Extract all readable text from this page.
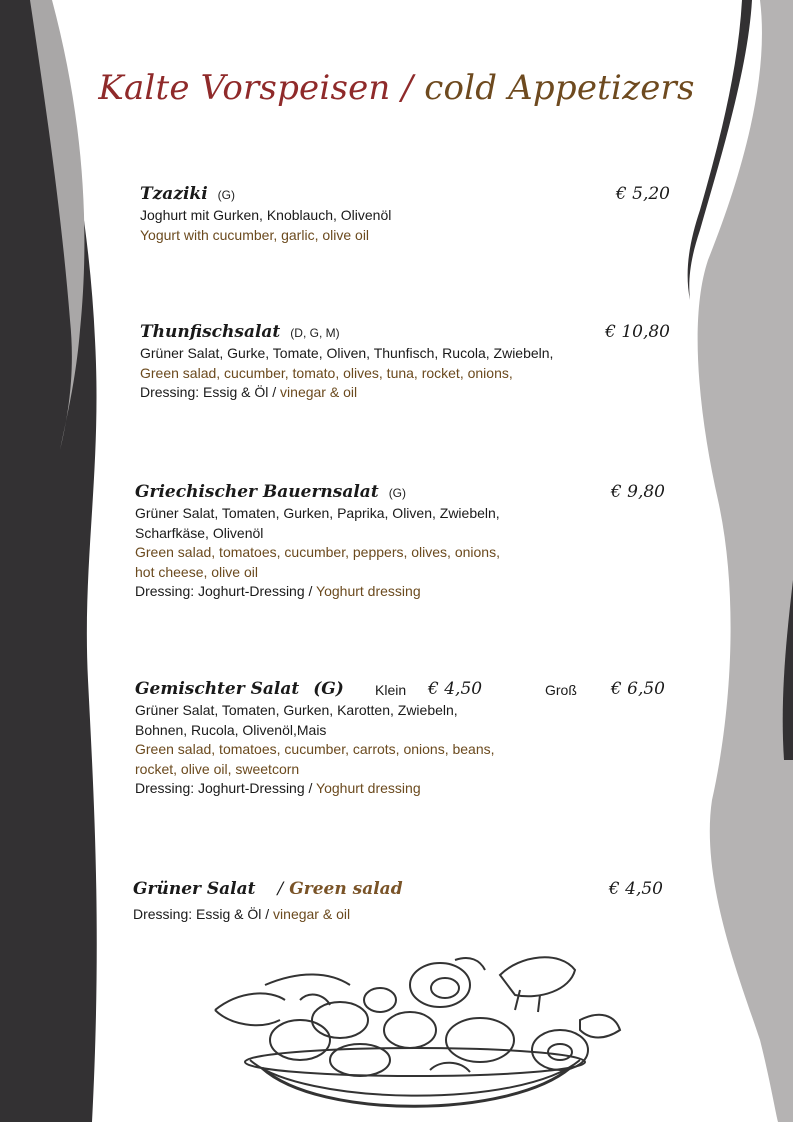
Kalte Vorspeisen / cold Appetizers
Tzaziki (G)
Joghurt mit Gurken, Knoblauch, Olivenöl
Yogurt with cucumber, garlic, olive oil
€ 5,20
Thunfischsalat (D, G, M)
Grüner Salat, Gurke, Tomate, Oliven, Thunfisch, Rucola, Zwiebeln,
Green salad, cucumber, tomato, olives, tuna, rocket, onions,
Dressing: Essig & Öl / vinegar & oil
€ 10,80
Griechischer Bauernsalat (G)
Grüner Salat, Tomaten, Gurken, Paprika, Oliven, Zwiebeln,
Scharfkäse, Olivenöl
Green salad, tomatoes, cucumber, peppers, olives, onions,
hot cheese, olive oil
Dressing: Joghurt-Dressing / Yoghurt dressing
€ 9,80
Gemischter Salat (G)
Grüner Salat, Tomaten, Gurken, Karotten, Zwiebeln,
Bohnen, Rucola, Olivenöl,Mais
Green salad, tomatoes, cucumber, carrots, onions, beans,
rocket, olive oil, sweetcorn
Dressing: Joghurt-Dressing / Yoghurt dressing
Klein € 4,50	Groß € 6,50
Grüner Salat / Green salad
Dressing: Essig & Öl / vinegar & oil
€ 4,50
